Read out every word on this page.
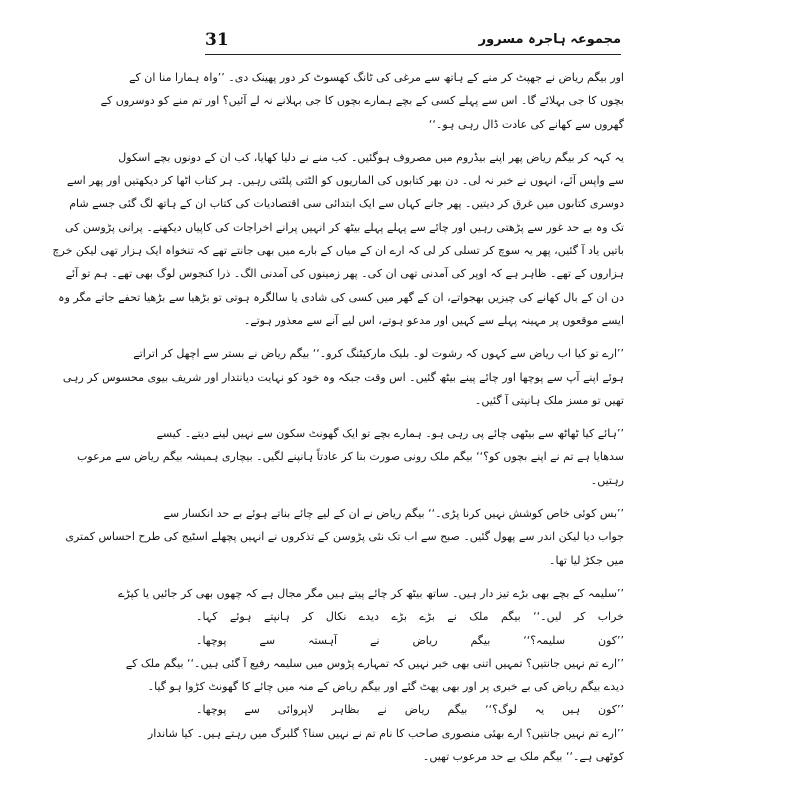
31	مجموعہ ہاجرہ مسرور
اور بیگم ریاض نے جھپٹ کر منے کے ہاتھ سے مرغی کی ٹانگ کھسوٹ کر دور پھینک دی۔ ’’واہ ہمارا منا ان کے
بچوں کا جی بہلائے گا۔ اس سے پہلے کسی کے بچے ہمارے بچوں کا جی بہلانے نہ لے آئیں؟ اور تم منے کو دوسروں کے
گھروں سے کھانے کی عادت ڈال رہی ہو۔‘‘
یہ کہہ کر بیگم ریاض پھر اپنے بیڈروم میں مصروف ہوگئیں۔ کب منے نے دلیا کھایا، کب ان کے دونوں بچے اسکول
سے واپس آئے، انہوں نے خبر نہ لی۔ دن بھر کتابوں کی الماریوں کو الٹتی پلٹتی رہیں۔ ہر کتاب اٹھا کر دیکھتیں اور پھر اسے
دوسری کتابوں میں غرق کر دیتیں۔ پھر جانے کہاں سے ایک ابتدائی سی اقتصادیات کی کتاب ان کے ہاتھ لگ گئی جسے شام
تک وہ بے حد غور سے پڑھتی رہیں اور چائے سے پہلے پہلے بیٹھ کر انہیں پرانے اخراجات کی کاپیاں دیکھنے۔ پرانی پڑوسن کی
باتیں یاد آ گئیں، پھر یہ سوچ کر تسلی کر لی کہ ارے ان کے میاں کے بارے میں بھی جانتے تھے کہ تنخواہ ایک ہزار تھی لیکن خرچ
ہزاروں کے تھے۔ ظاہر ہے کہ اوپر کی آمدنی تھی ان کی۔ پھر زمینوں کی آمدنی الگ۔ ذرا کنجوس لوگ بھی تھے۔ ہم تو آئے
دن ان کے بال کھانے کی چیزیں بھجواتے، ان کے گھر میں کسی کی شادی یا سالگرہ ہوتی تو بڑھیا سے بڑھیا تحفے جاتے مگر وہ
ایسے موقعوں پر مہینہ پہلے سے کہیں اور مدعو ہوتے، اس لیے آنے سے معذور ہوتے۔
’’ارے تو کیا اب ریاض سے کہوں کہ رشوت لو۔ بلیک مارکیٹنگ کرو۔‘‘ بیگم ریاض نے بستر سے اچھل کر اتراتے
ہوئے اپنے آپ سے پوچھا اور چائے پینے بیٹھ گئیں۔ اس وقت جبکہ وہ خود کو نہایت دیانتدار اور شریف بیوی محسوس کر رہی
تھیں تو مسز ملک ہانپتی آ گئیں۔
’’ہائے کیا ٹھاٹھ سے بیٹھی چائے پی رہی ہو۔ ہمارے بچے تو ایک گھونٹ سکون سے نہیں لینے دیتے۔ کیسے
سدھایا ہے تم نے اپنے بچوں کو؟‘‘ بیگم ملک رونی صورت بنا کر عادتاً ہانپنے لگیں۔ بیچاری ہمیشہ بیگم ریاض سے مرعوب
رہتیں۔
’’بس کوئی خاص کوشش نہیں کرنا پڑی۔‘‘ بیگم ریاض نے ان کے لیے چائے بناتے ہوئے بے حد انکسار سے
جواب دیا لیکن اندر سے پھول گئیں۔ صبح سے اب تک نئی پڑوسن کے تذکروں نے انہیں پچھلے اسٹیج کی طرح احساس کمتری
میں جکڑ لیا تھا۔
’’سلیمہ کے بچے بھی بڑے تیز دار ہیں۔ ساتھ بیٹھ کر چائے پیتے ہیں مگر مجال ہے کہ چھوں بھی کر جائیں یا کپڑے
خراب کر لیں۔‘‘ بیگم ملک نے بڑے بڑے دیدے نکال کر ہانپتے ہوئے کہا۔
’’کون سلیمہ؟‘‘ بیگم ریاض نے آہستہ سے پوچھا۔
’’ارے تم نہیں جانتیں؟ تمہیں اتنی بھی خبر نہیں کہ تمہارے پڑوس میں سلیمہ رفیع آ گئی ہیں۔‘‘ بیگم ملک کے
دیدے بیگم ریاض کی بے خبری پر اور بھی پھٹ گئے اور بیگم ریاض کے منہ میں چائے کا گھونٹ کڑوا ہو گیا۔
’’کون ہیں یہ لوگ؟‘‘ بیگم ریاض نے بظاہر لاپروائی سے پوچھا۔
’’ارے تم نہیں جانتیں؟ ارے بھئی منصوری صاحب کا نام تم نے نہیں سنا؟ گلبرگ میں رہتے ہیں۔ کیا شاندار
کوٹھی ہے۔‘‘ بیگم ملک بے حد مرعوب تھیں۔
